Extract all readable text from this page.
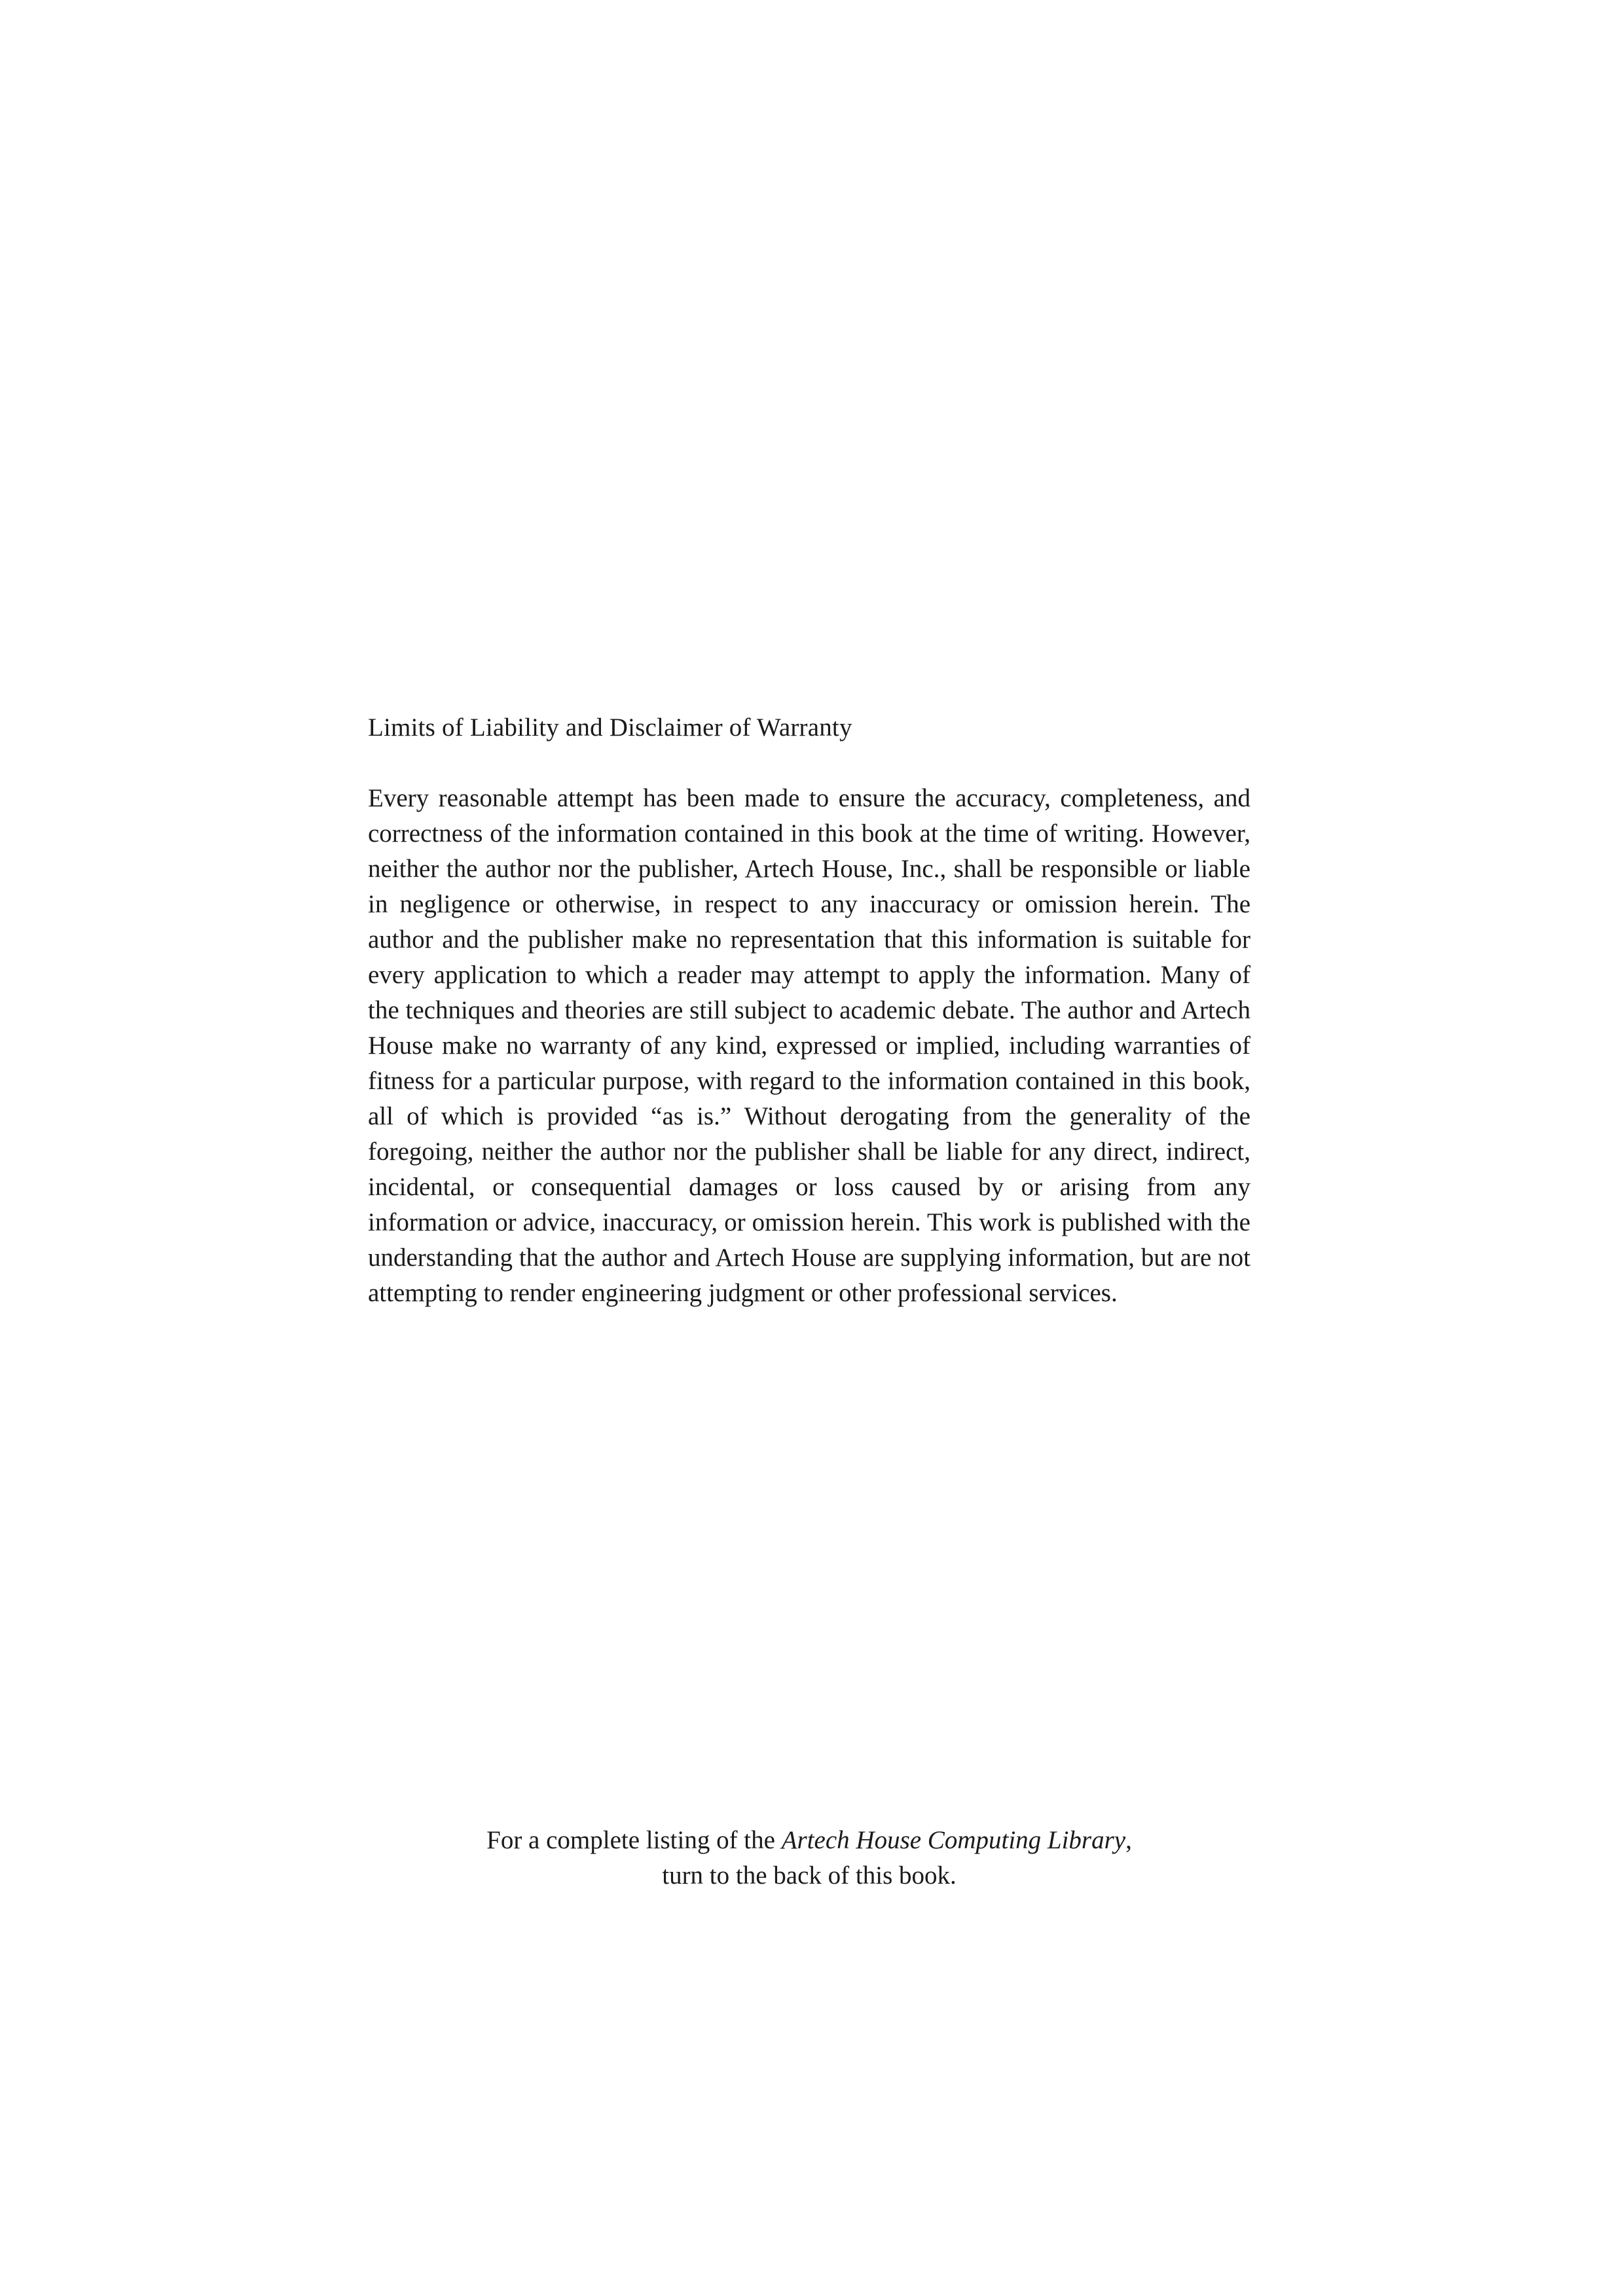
Limits of Liability and Disclaimer of Warranty

Every reasonable attempt has been made to ensure the accuracy, completeness, and correctness of the information contained in this book at the time of writing. However, neither the author nor the publisher, Artech House, Inc., shall be responsible or liable in negligence or otherwise, in respect to any inaccuracy or omission herein. The author and the publisher make no representation that this information is suitable for every application to which a reader may attempt to apply the information. Many of the techniques and theories are still subject to academic debate. The author and Artech House make no warranty of any kind, expressed or implied, including warranties of fitness for a particular purpose, with regard to the information contained in this book, all of which is provided “as is.” Without derogating from the generality of the foregoing, neither the author nor the publisher shall be liable for any direct, indirect, incidental, or consequential damages or loss caused by or arising from any information or advice, inaccuracy, or omission herein. This work is published with the understanding that the author and Artech House are supplying information, but are not attempting to render engineering judgment or other professional services.

For a complete listing of the Artech House Computing Library,
turn to the back of this book.
